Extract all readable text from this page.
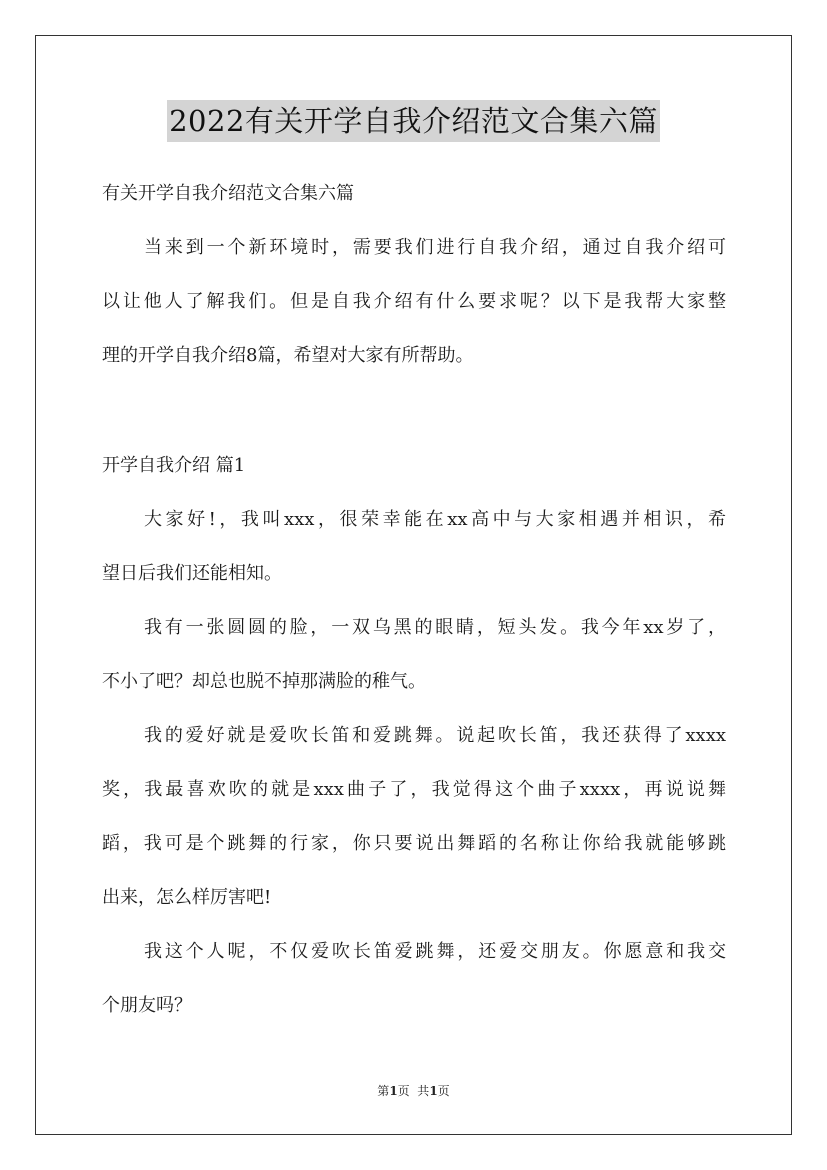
2022有关开学自我介绍范文合集六篇
有关开学自我介绍范文合集六篇
当来到一个新环境时，需要我们进行自我介绍，通过自我介绍可
以让他人了解我们。但是自我介绍有什么要求呢？以下是我帮大家整
理的开学自我介绍8篇，希望对大家有所帮助。
开学自我介绍 篇1
大家好!，我叫xxx，很荣幸能在xx高中与大家相遇并相识，希
望日后我们还能相知。
我有一张圆圆的脸，一双乌黑的眼睛，短头发。我今年xx岁了，
不小了吧？却总也脱不掉那满脸的稚气。
我的爱好就是爱吹长笛和爱跳舞。说起吹长笛，我还获得了xxxx
奖，我最喜欢吹的就是xxx曲子了，我觉得这个曲子xxxx，再说说舞
蹈，我可是个跳舞的行家，你只要说出舞蹈的名称让你给我就能够跳
出来，怎么样厉害吧!
我这个人呢，不仅爱吹长笛爱跳舞，还爱交朋友。你愿意和我交
个朋友吗？
第1页  共1页
